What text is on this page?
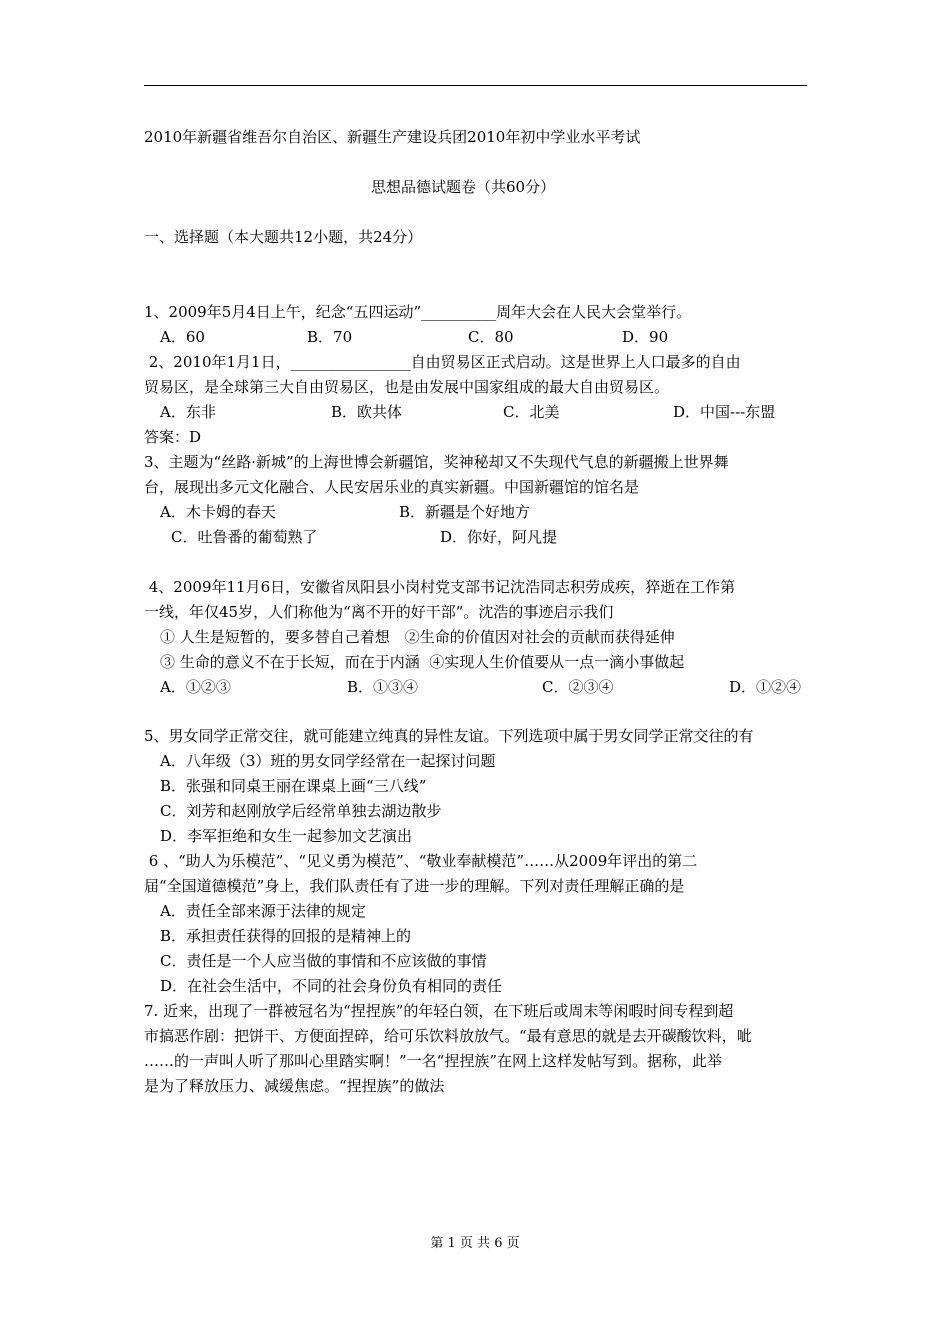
2010年新疆省维吾尔自治区、新疆生产建设兵团2010年初中学业水平考试
思想品德试题卷（共60分）
一、选择题（本大题共12小题，共24分）
1、2009年5月4日上午，纪念“五四运动”__________周年大会在人民大会堂举行。
A．60	B．70	C．80	D．90
2、2010年1月1日，________________自由贸易区正式启动。这是世界上人口最多的自由
贸易区，是全球第三大自由贸易区，也是由发展中国家组成的最大自由贸易区。
A．东非	B．欧共体	C．北美	D．中国---东盟
答案：D
3、主题为“丝路·新城”的上海世博会新疆馆，奖神秘却又不失现代气息的新疆搬上世界舞
台，展现出多元文化融合、人民安居乐业的真实新疆。中国新疆馆的馆名是
A．木卡姆的春天	B．新疆是个好地方
C．吐鲁番的葡萄熟了	D．你好，阿凡提
4、2009年11月6日，安徽省凤阳县小岗村党支部书记沈浩同志积劳成疾，猝逝在工作第
一线，年仅45岁，人们称他为“离不开的好干部”。沈浩的事迹启示我们
① 人生是短暂的，要多替自己着想　②生命的价值因对社会的贡献而获得延伸
③ 生命的意义不在于长短，而在于内涵  ④实现人生价值要从一点一滴小事做起
A．①②③	B．①③④	C．②③④	D．①②④
5、男女同学正常交往，就可能建立纯真的异性友谊。下列选项中属于男女同学正常交往的有
A．八年级（3）班的男女同学经常在一起探讨问题
B．张强和同桌王丽在课桌上画“三八线”
C．刘芳和赵刚放学后经常单独去湖边散步
D．李军拒绝和女生一起参加文艺演出
6 、“助人为乐模范”、“见义勇为模范”、“敬业奉献模范”……从2009年评出的第二
届“全国道德模范”身上，我们队责任有了进一步的理解。下列对责任理解正确的是
A．责任全部来源于法律的规定
B．承担责任获得的回报的是精神上的
C．责任是一个人应当做的事情和不应该做的事情
D．在社会生活中，不同的社会身份负有相同的责任
7. 近来，出现了一群被冠名为“捏捏族”的年轻白领，在下班后或周末等闲暇时间专程到超
市搞恶作剧：把饼干、方便面捏碎，给可乐饮料放放气。“最有意思的就是去开碳酸饮料，呲
……的一声叫人听了那叫心里踏实啊！”一名“捏捏族”在网上这样发帖写到。据称，此举
是为了释放压力、减缓焦虑。“捏捏族”的做法
第 1 页 共 6 页
